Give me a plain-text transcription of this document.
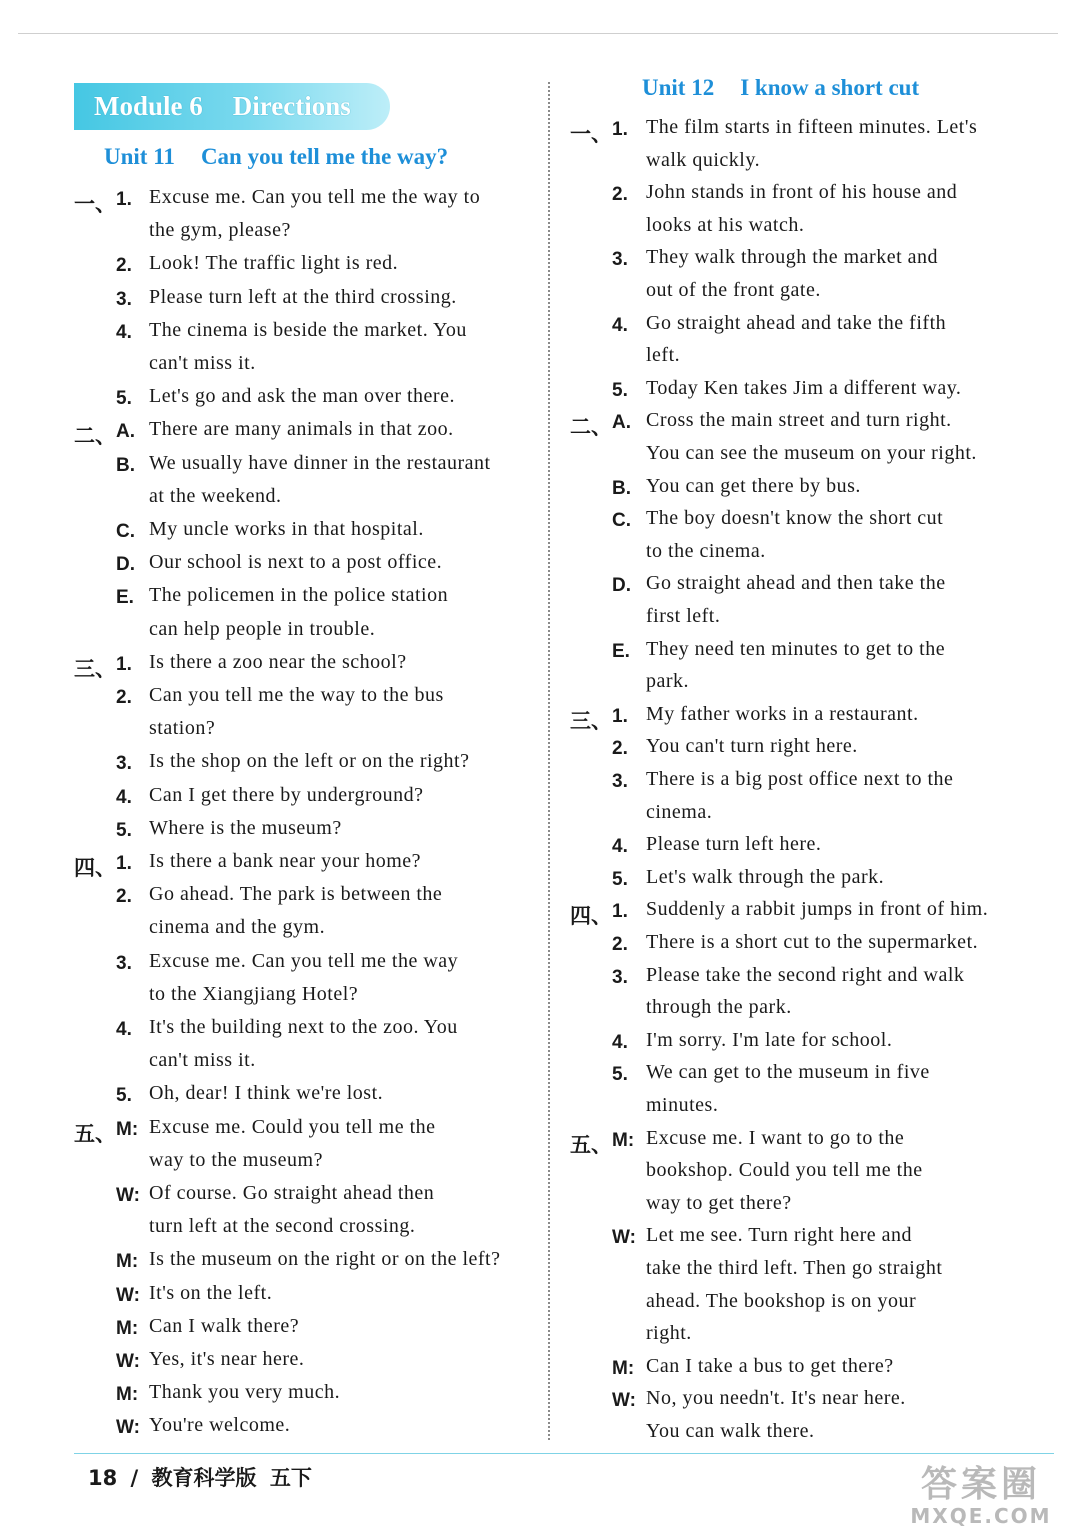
Module 6 Directions
Unit 11 Can you tell me the way?
Unit 12 I know a short cut
一、 1. Excuse me. Can you tell me the way to
the gym, please?
2. Look! The traffic light is red.
3. Please turn left at the third crossing.
4. The cinema is beside the market. You
can't miss it.
5. Let's go and ask the man over there.
二、 A. There are many animals in that zoo.
B. We usually have dinner in the restaurant
at the weekend.
C. My uncle works in that hospital.
D. Our school is next to a post office.
E. The policemen in the police station
can help people in trouble.
三、 1. Is there a zoo near the school?
2. Can you tell me the way to the bus
station?
3. Is the shop on the left or on the right?
4. Can I get there by underground?
5. Where is the museum?
四、 1. Is there a bank near your home?
2. Go ahead. The park is between the
cinema and the gym.
3. Excuse me. Can you tell me the way
to the Xiangjiang Hotel?
4. It's the building next to the zoo. You
can't miss it.
5. Oh, dear! I think we're lost.
五、 M: Excuse me. Could you tell me the
way to the museum?
W: Of course. Go straight ahead then
turn left at the second crossing.
M: Is the museum on the right or on the left?
W: It's on the left.
M: Can I walk there?
W: Yes, it's near here.
M: Thank you very much.
W: You're welcome.
一、 1. The film starts in fifteen minutes. Let's
walk quickly.
2. John stands in front of his house and
looks at his watch.
3. They walk through the market and
out of the front gate.
4. Go straight ahead and take the fifth
left.
5. Today Ken takes Jim a different way.
二、 A. Cross the main street and turn right.
You can see the museum on your right.
B. You can get there by bus.
C. The boy doesn't know the short cut
to the cinema.
D. Go straight ahead and then take the
first left.
E. They need ten minutes to get to the
park.
三、 1. My father works in a restaurant.
2. You can't turn right here.
3. There is a big post office next to the
cinema.
4. Please turn left here.
5. Let's walk through the park.
四、 1. Suddenly a rabbit jumps in front of him.
2. There is a short cut to the supermarket.
3. Please take the second right and walk
through the park.
4. I'm sorry. I'm late for school.
5. We can get to the museum in five
minutes.
五、 M: Excuse me. I want to go to the
bookshop. Could you tell me the
way to get there?
W: Let me see. Turn right here and
take the third left. Then go straight
ahead. The bookshop is on your
right.
M: Can I take a bus to get there?
W: No, you needn't. It's near here.
You can walk there.
18 / 教育科学版 五下	答案圈
MXQE.COM
